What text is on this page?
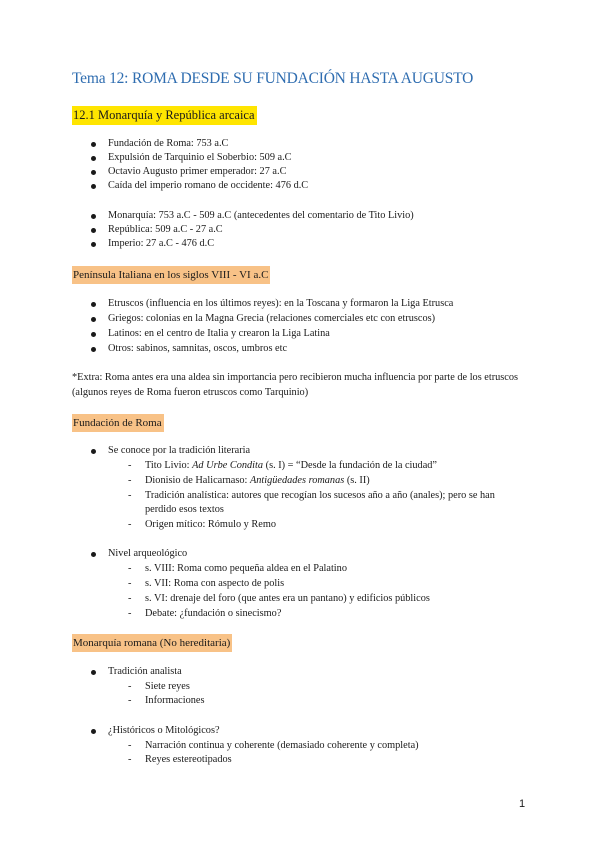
Tema 12: ROMA DESDE SU FUNDACIÓN HASTA AUGUSTO
12.1 Monarquía y República arcaica
Fundación de Roma: 753 a.C
Expulsión de Tarquinio el Soberbio: 509 a.C
Octavio Augusto primer emperador: 27 a.C
Caída del imperio romano de occidente: 476 d.C
Monarquía: 753 a.C - 509 a.C (antecedentes del comentario de Tito Livio)
República: 509 a.C - 27 a.C
Imperio: 27 a.C - 476 d.C
Península Italiana en los siglos VIII - VI a.C
Etruscos (influencia en los últimos reyes): en la Toscana y formaron la Liga Etrusca
Griegos: colonias en la Magna Grecia (relaciones comerciales etc con etruscos)
Latinos: en el centro de Italia y crearon la Liga Latina
Otros: sabinos, samnitas, oscos, umbros etc
*Extra: Roma antes era una aldea sin importancia pero recibieron mucha influencia por parte de los etruscos (algunos reyes de Roma fueron etruscos como Tarquinio)
Fundación de Roma
Se conoce por la tradición literaria
- Tito Livio: Ad Urbe Condita (s. I) = “Desde la fundación de la ciudad”
- Dionisio de Halicarnaso: Antigüedades romanas (s. II)
- Tradición analística: autores que recogían los sucesos año a año (anales); pero se han perdido esos textos
- Origen mítico: Rómulo y Remo
Nivel arqueológico
- s. VIII: Roma como pequeña aldea en el Palatino
- s. VII: Roma con aspecto de polis
- s. VI: drenaje del foro (que antes era un pantano) y edificios públicos
- Debate: ¿fundación o sinecismo?
Monarquía romana (No hereditaria)
Tradición analista
- Siete reyes
- Informaciones
¿Históricos o Mitológicos?
- Narración continua y coherente (demasiado coherente y completa)
- Reyes estereotipados
1
